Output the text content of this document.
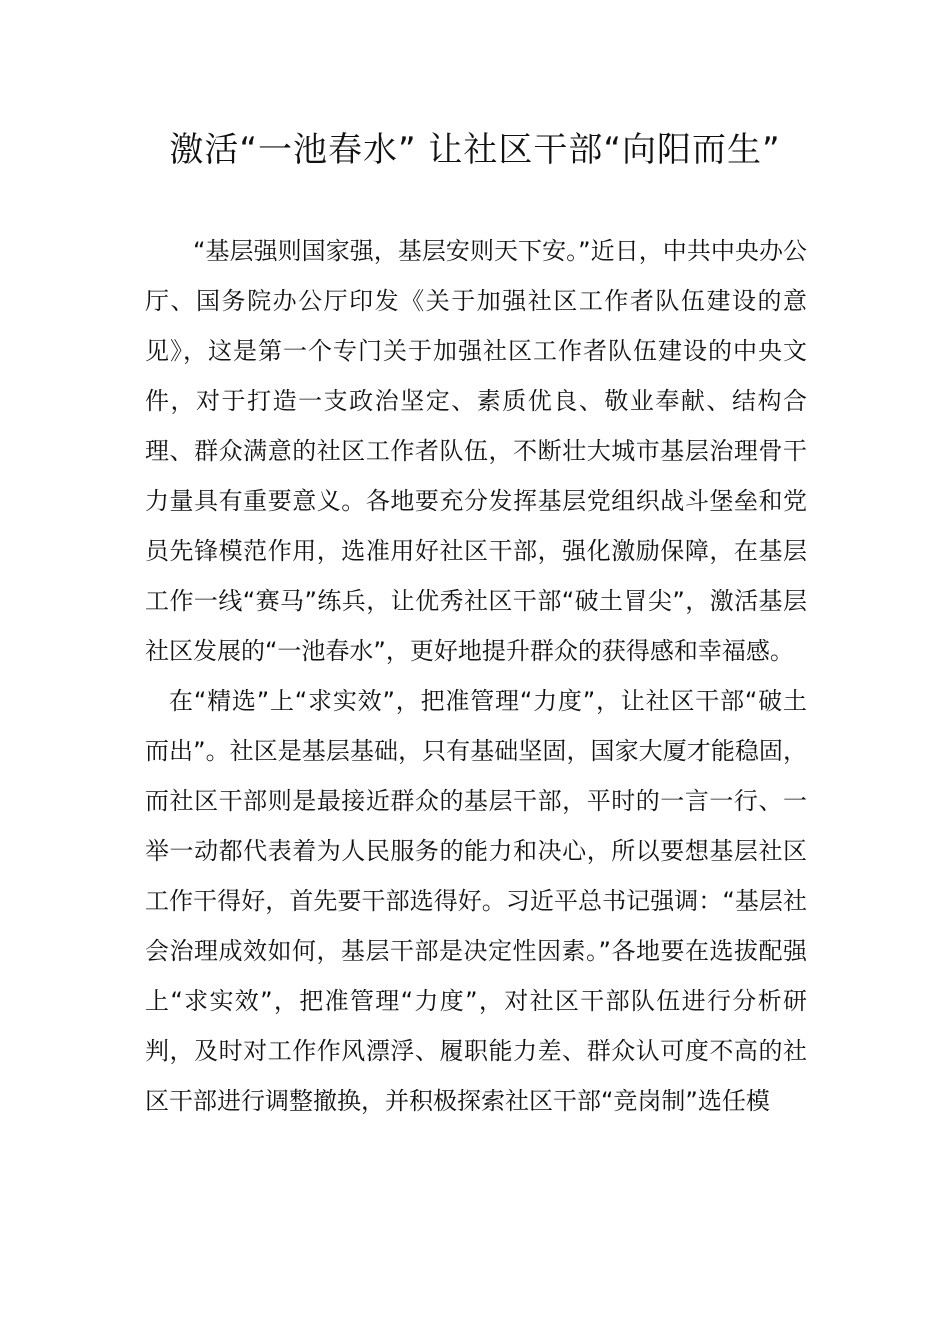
激活“一池春水” 让社区干部“向阳而生”

“基层强则国家强，基层安则天下安。”近日，中共中央办公厅、国务院办公厅印发《关于加强社区工作者队伍建设的意见》，这是第一个专门关于加强社区工作者队伍建设的中央文件，对于打造一支政治坚定、素质优良、敬业奉献、结构合理、群众满意的社区工作者队伍，不断壮大城市基层治理骨干力量具有重要意义。各地要充分发挥基层党组织战斗堡垒和党员先锋模范作用，选准用好社区干部，强化激励保障，在基层工作一线“赛马”练兵，让优秀社区干部“破土冒尖”，激活基层社区发展的“一池春水”，更好地提升群众的获得感和幸福感。

在“精选”上“求实效”，把准管理“力度”，让社区干部“破土而出”。社区是基层基础，只有基础坚固，国家大厦才能稳固，而社区干部则是最接近群众的基层干部，平时的一言一行、一举一动都代表着为人民服务的能力和决心，所以要想基层社区工作干得好，首先要干部选得好。习近平总书记强调：“基层社会治理成效如何，基层干部是决定性因素。”各地要在选拔配强上“求实效”，把准管理“力度”，对社区干部队伍进行分析研判，及时对工作作风漂浮、履职能力差、群众认可度不高的社区干部进行调整撤换，并积极探索社区干部“竞岗制”选任模
